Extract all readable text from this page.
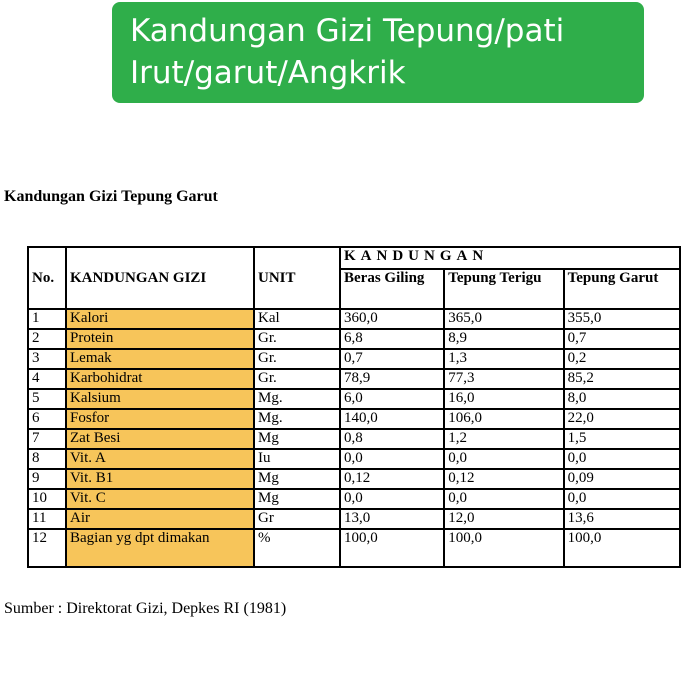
Kandungan Gizi Tepung/pati
Irut/garut/Angkrik
Kandungan Gizi Tepung Garut
No.	KANDUNGAN GIZI	UNIT	KANDUNGAN		
			Beras Giling	Tepung Terigu	Tepung Garut
1	Kalori	Kal	360,0	365,0	355,0
2	Protein	Gr.	6,8	8,9	0,7
3	Lemak	Gr.	0,7	1,3	0,2
4	Karbohidrat	Gr.	78,9	77,3	85,2
5	Kalsium	Mg.	6,0	16,0	8,0
6	Fosfor	Mg.	140,0	106,0	22,0
7	Zat Besi	Mg	0,8	1,2	1,5
8	Vit. A	Iu	0,0	0,0	0,0
9	Vit. B1	Mg	0,12	0,12	0,09
10	Vit. C	Mg	0,0	0,0	0,0
11	Air	Gr	13,0	12,0	13,6
12	Bagian yg dpt dimakan	%	100,0	100,0	100,0
Sumber : Direktorat Gizi, Depkes RI (1981)
